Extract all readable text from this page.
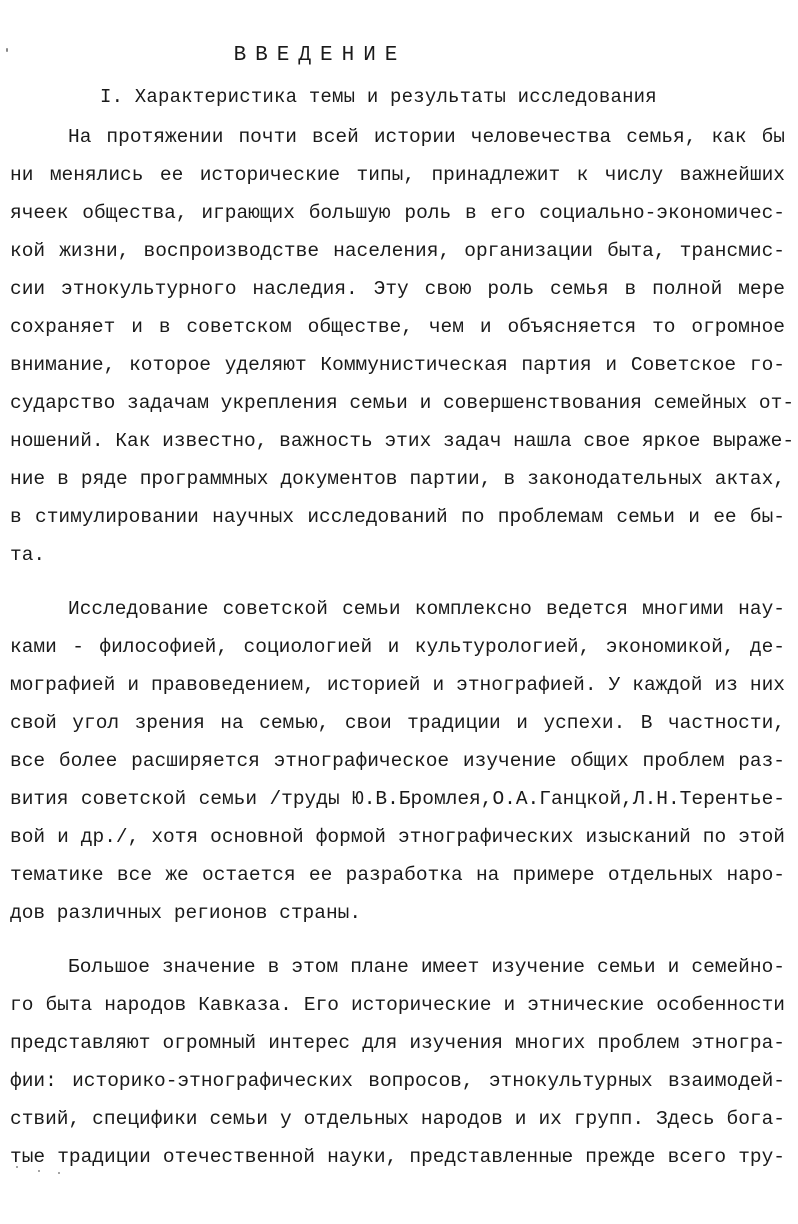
ВВЕДЕНИЕ
I. Характеристика темы и результаты исследования
На протяжении почти всей истории человечества семья, как бы
ни менялись ее исторические типы, принадлежит к числу важнейших
ячеек общества, играющих большую роль в его социально-экономичес-
кой жизни, воспроизводстве населения, организации быта, трансмис-
сии этнокультурного наследия. Эту свою роль семья в полной мере
сохраняет и в советском обществе, чем и объясняется то огромное
внимание, которое уделяют Коммунистическая партия и Советское го-
сударство задачам укрепления семьи и совершенствования семейных от-
ношений. Как известно, важность этих задач нашла свое яркое выраже-
ние в ряде программных документов партии, в законодательных актах,
в стимулировании научных исследований по проблемам семьи и ее бы-
та.
Исследование советской семьи комплексно ведется многими нау-
ками - философией, социологией и культурологией, экономикой, де-
мографией и правоведением, историей и этнографией. У каждой из них
свой угол зрения на семью, свои традиции и успехи. В частности,
все более расширяется этнографическое изучение общих проблем раз-
вития советской семьи /труды Ю.В.Бромлея,О.А.Ганцкой,Л.Н.Терентье-
вой и др./, хотя основной формой этнографических изысканий по этой
тематике все же остается ее разработка на примере отдельных наро-
дов различных регионов страны.
Большое значение в этом плане имеет изучение семьи и семейно-
го быта народов Кавказа. Его исторические и этнические особенности
представляют огромный интерес для изучения многих проблем этногра-
фии: историко-этнографических вопросов, этнокультурных взаимодей-
ствий, специфики семьи у отдельных народов и их групп. Здесь бога-
тые традиции отечественной науки, представленные прежде всего тру-
